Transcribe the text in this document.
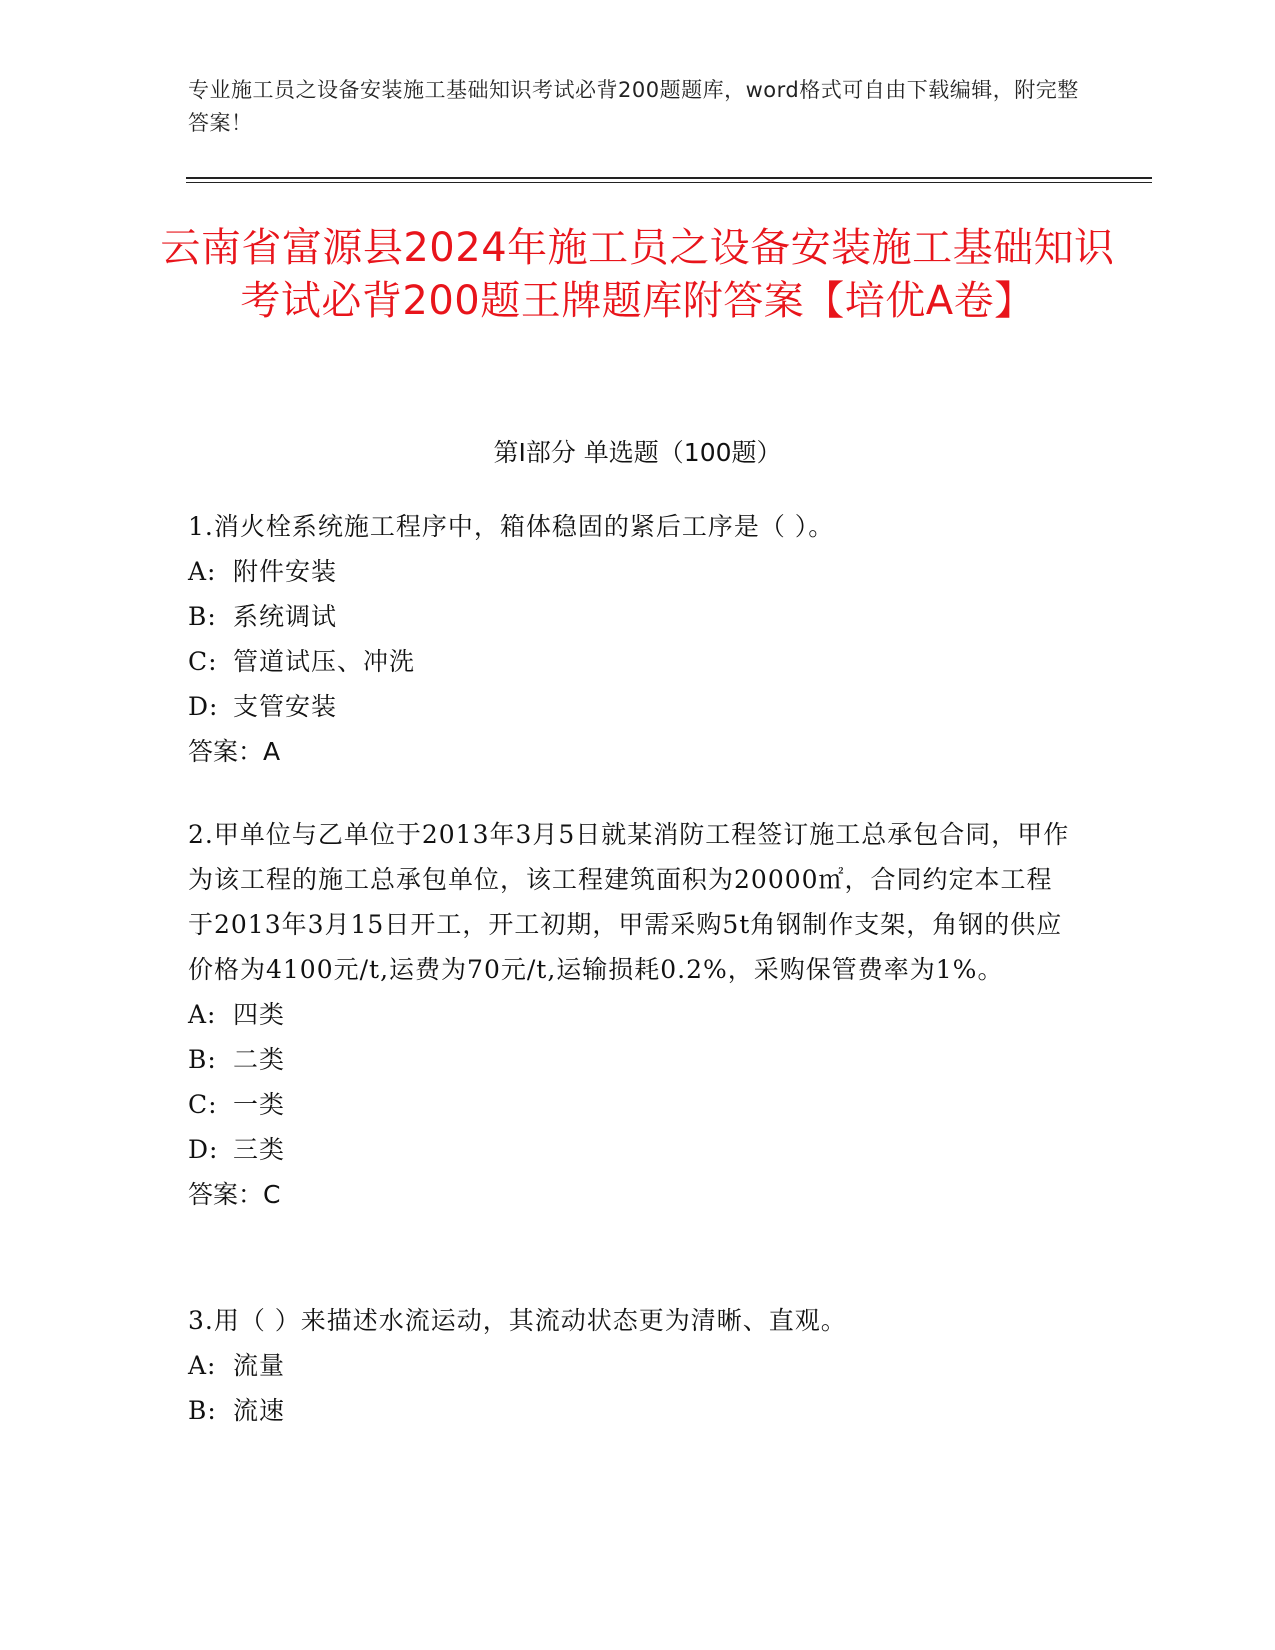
专业施工员之设备安装施工基础知识考试必背200题题库，word格式可自由下载编辑，附完整答案！
云南省富源县2024年施工员之设备安装施工基础知识考试必背200题王牌题库附答案【培优A卷】
第Ⅰ部分 单选题（100题）
1.消火栓系统施工程序中，箱体稳固的紧后工序是（ ）。
A: 附件安装
B: 系统调试
C: 管道试压、冲洗
D: 支管安装
答案：A
2.甲单位与乙单位于2013年3月5日就某消防工程签订施工总承包合同，甲作为该工程的施工总承包单位，该工程建筑面积为20000㎡，合同约定本工程于2013年3月15日开工，开工初期，甲需采购5t角钢制作支架，角钢的供应价格为4100元/t,运费为70元/t,运输损耗0.2%，采购保管费率为1%。
A: 四类
B: 二类
C: 一类
D: 三类
答案：C
3.用（ ）来描述水流运动，其流动状态更为清晰、直观。
A: 流量
B: 流速
